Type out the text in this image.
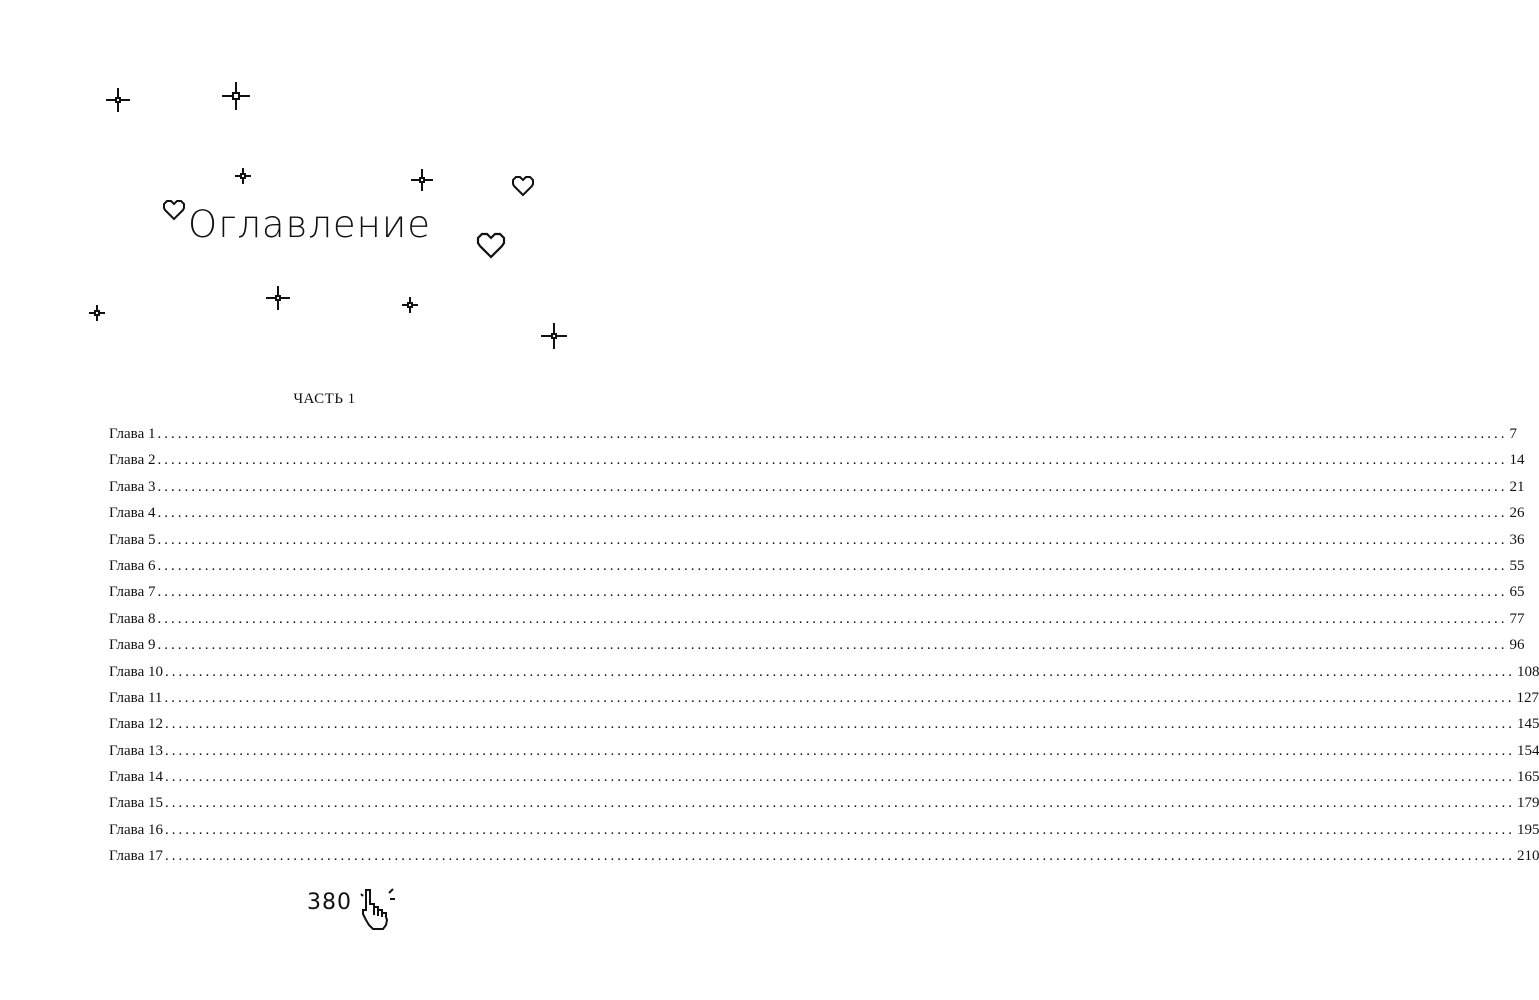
Оглавление
ЧАСТЬ 1
Глава 1 ........................................................................................................................................................................................................ 7
Глава 2 ........................................................................................................................................................................................................ 14
Глава 3 ........................................................................................................................................................................................................ 21
Глава 4 ........................................................................................................................................................................................................ 26
Глава 5 ........................................................................................................................................................................................................ 36
Глава 6 ........................................................................................................................................................................................................ 55
Глава 7 ........................................................................................................................................................................................................ 65
Глава 8 ........................................................................................................................................................................................................ 77
Глава 9 ........................................................................................................................................................................................................ 96
Глава 10 ........................................................................................................................................................................................................ 108
Глава 11 ........................................................................................................................................................................................................ 127
Глава 12 ........................................................................................................................................................................................................ 145
Глава 13 ........................................................................................................................................................................................................ 154
Глава 14 ........................................................................................................................................................................................................ 165
Глава 15 ........................................................................................................................................................................................................ 179
Глава 16 ........................................................................................................................................................................................................ 195
Глава 17 ........................................................................................................................................................................................................ 210
380
